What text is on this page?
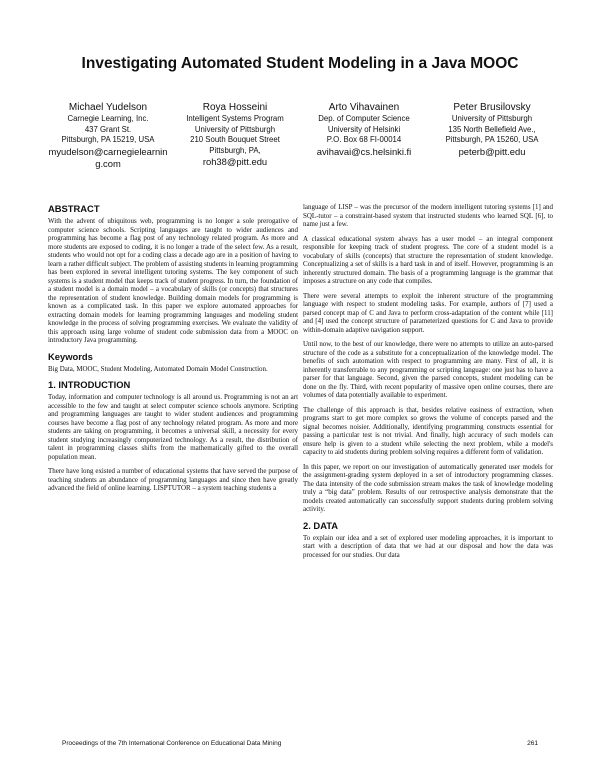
Investigating Automated Student Modeling in a Java MOOC
Michael Yudelson
Carnegie Learning, Inc.
437 Grant St.
Pittsburgh, PA 15219, USA
myudelson@carnegielearning.com
Roya Hosseini
Intelligent Systems Program
University of Pittsburgh
210 South Bouquet Street
Pittsburgh, PA,
roh38@pitt.edu
Arto Vihavainen
Dep. of Computer Science
University of Helsinki
P.O. Box 68 FI-00014
avihavai@cs.helsinki.fi
Peter Brusilovsky
University of Pittsburgh
135 North Bellefield Ave.,
Pittsburgh, PA 15260, USA
peterb@pitt.edu
ABSTRACT

With the advent of ubiquitous web, programming is no longer a sole prerogative of computer science schools. Scripting languages are taught to wider audiences and programming has become a flag post of any technology related program. As more and more students are exposed to coding, it is no longer a trade of the select few. As a result, students who would not opt for a coding class a decade ago are in a position of having to learn a rather difficult subject. The problem of assisting students in learning programming has been explored in several intelligent tutoring systems. The key component of such systems is a student model that keeps track of student progress. In turn, the foundation of a student model is a domain model – a vocabulary of skills (or concepts) that structures the representation of student knowledge. Building domain models for programming is known as a complicated task. In this paper we explore automated approaches for extracting domain models for learning programming languages and modeling student knowledge in the process of solving programming exercises. We evaluate the validity of this approach using large volume of student code submission data from a MOOC on introductory Java programming.

Keywords

Big Data, MOOC, Student Modeling, Automated Domain Model Construction.

1. INTRODUCTION

Today, information and computer technology is all around us. Programming is not an art accessible to the few and taught at select computer science schools anymore. Scripting and programming languages are taught to wider student audiences and programming courses have become a flag post of any technology related program. As more and more students are taking on programming, it becomes a universal skill, a necessity for every student studying increasingly computerized technology. As a result, the distribution of talent in programming classes shifts from the mathematically gifted to the overall population mean.

There have long existed a number of educational systems that have served the purpose of teaching students an abundance of programming languages and since then have greatly advanced the field of online learning. LISPTUTOR – a system teaching students a

language of LISP – was the precursor of the modern intelligent tutoring systems [1] and SQL-tutor – a constraint-based system that instructed students who learned SQL [6], to name just a few.

A classical educational system always has a user model – an integral component responsible for keeping track of student progress. The core of a student model is a vocabulary of skills (concepts) that structure the representation of student knowledge. Conceptualizing a set of skills is a hard task in and of itself. However, programming is an inherently structured domain. The basis of a programming language is the grammar that imposes a structure on any code that compiles.

There were several attempts to exploit the inherent structure of the programming language with respect to student modeling tasks. For example, authors of [7] used a parsed concept map of C and Java to perform cross-adaptation of the content while [11] and [4] used the concept structure of parameterized questions for C and Java to provide within-domain adaptive navigation support.

Until now, to the best of our knowledge, there were no attempts to utilize an auto-parsed structure of the code as a substitute for a conceptualization of the knowledge model. The benefits of such automation with respect to programming are many. First of all, it is inherently transferrable to any programming or scripting language: one just has to have a parser for that language. Second, given the parsed concepts, student modeling can be done on the fly. Third, with recent popularity of massive open online courses, there are volumes of data potentially available to experiment.

The challenge of this approach is that, besides relative easiness of extraction, when programs start to get more complex so grows the volume of concepts parsed and the signal becomes noisier. Additionally, identifying programming constructs essential for passing a particular test is not trivial. And finally, high accuracy of such models can ensure help is given to a student while selecting the next problem, while a model's capacity to aid students during problem solving requires a different form of validation.

In this paper, we report on our investigation of automatically generated user models for the assignment-grading system deployed in a set of introductory programming classes. The data intensity of the code submission stream makes the task of knowledge modeling truly a “big data” problem. Results of our retrospective analysis demonstrate that the models created automatically can successfully support students during problem solving activity.

2. DATA

To explain our idea and a set of explored user modeling approaches, it is important to start with a description of data that we had at our disposal and how the data was processed for our studies. Our data

Proceedings of the 7th International Conference on Educational Data Mining	261
